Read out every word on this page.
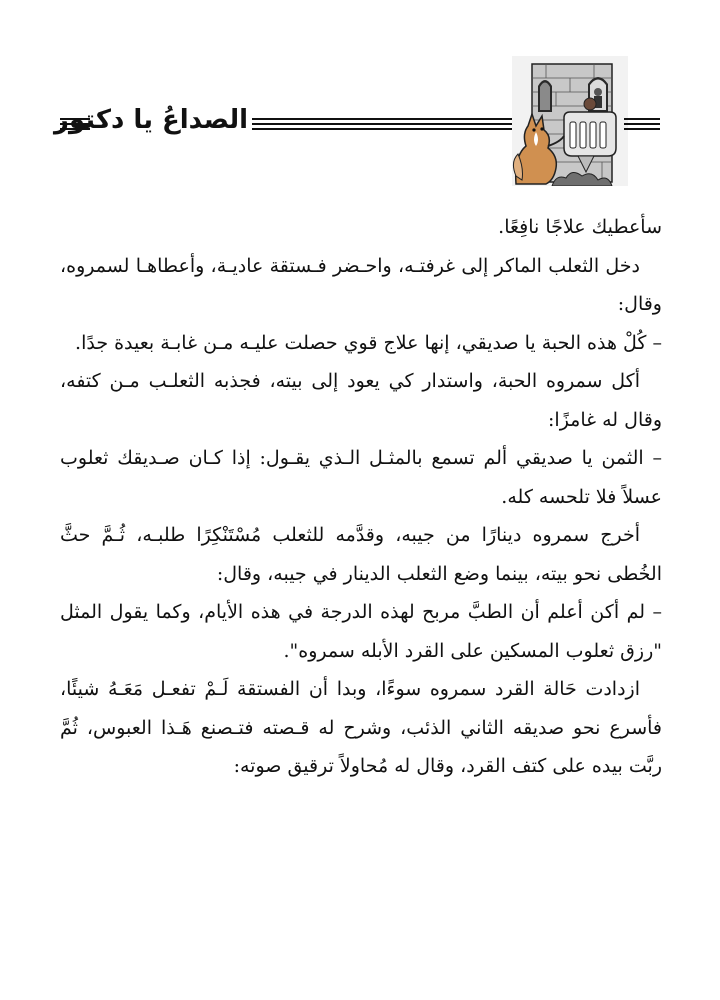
الصداعُ يا دكتور

سأعطيك علاجًا نافِعًا.

دخل الثعلب الماكر إلى غرفتـه، واحـضر فـستقة عاديـة، وأعطاهـا لسمروه، وقال:

– كُلْ هذه الحبة يا صديقي، إنها علاج قوي حصلت عليـه مـن غابـة بعيدة جدًا.

أكل سمروه الحبة، واستدار كي يعود إلى بيته، فجذبه الثعلـب مـن كتفه، وقال له غامزًا:

– الثمن يا صديقي ألم تسمع بالمثـل الـذي يقـول: إذا كـان صـديقك ثعلوب عسلاً فلا تلحسه كله.

أخرج سمروه دينارًا من جيبه، وقدَّمه للثعلب مُسْتَنْكِرًا طلبـه، ثُـمَّ حثَّ الخُطى نحو بيته، بينما وضع الثعلب الدينار في جيبه، وقال:

– لم أكن أعلم أن الطبَّ مربح لهذه الدرجة في هذه الأيام، وكما يقول المثل "رزق ثعلوب المسكين على القرد الأبله سمروه".

ازدادت حَالة القرد سمروه سوءًا، وبدا أن الفستقة لَـمْ تفعـل مَعَـهُ شيئًا، فأسرع نحو صديقه الثاني الذئب، وشرح له قـصته فتـصنع هَـذا العبوس، ثُمَّ ربَّت بيده على كتف القرد، وقال له مُحاولاً ترقيق صوته:
